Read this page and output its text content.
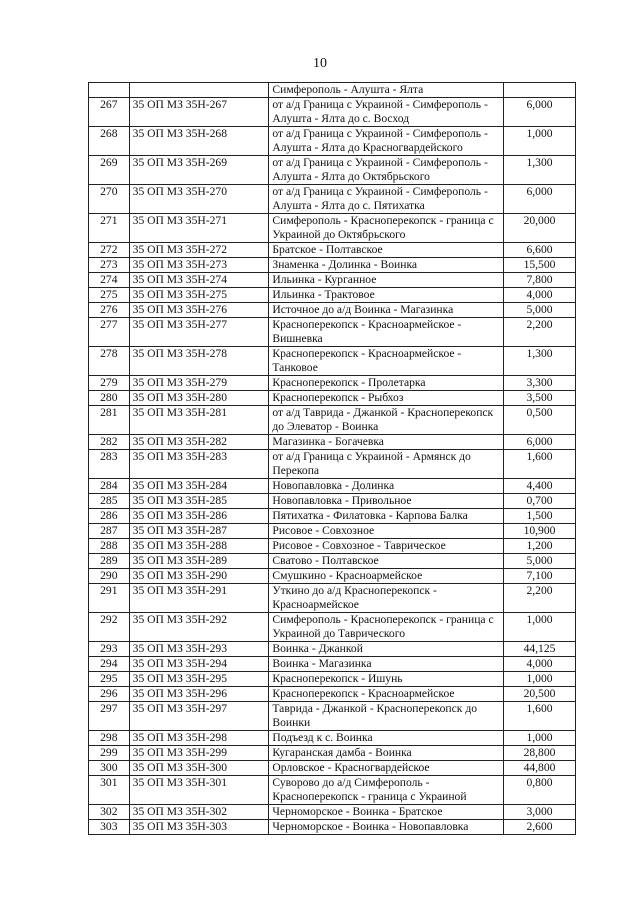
10
		Симферополь - Алушта - Ялта	
267	35 ОП МЗ 35Н-267	от а/д Граница с Украиной - Симферополь - Алушта - Ялта до с. Восход	6,000
268	35 ОП МЗ 35Н-268	от а/д Граница с Украиной - Симферополь - Алушта - Ялта до Красногвардейского	1,000
269	35 ОП МЗ 35Н-269	от а/д Граница с Украиной - Симферополь - Алушта - Ялта до Октябрьского	1,300
270	35 ОП МЗ 35Н-270	от а/д Граница с Украиной - Симферополь - Алушта - Ялта до с. Пятихатка	6,000
271	35 ОП МЗ 35Н-271	Симферополь - Красноперекопск - граница с Украиной до Октябрьского	20,000
272	35 ОП МЗ 35Н-272	Братское - Полтавское	6,600
273	35 ОП МЗ 35Н-273	Знаменка - Долинка - Воинка	15,500
274	35 ОП МЗ 35Н-274	Ильинка - Курганное	7,800
275	35 ОП МЗ 35Н-275	Ильинка - Трактовое	4,000
276	35 ОП МЗ 35Н-276	Источное до а/д Воинка - Магазинка	5,000
277	35 ОП МЗ 35Н-277	Красноперекопск - Красноармейское - Вишневка	2,200
278	35 ОП МЗ 35Н-278	Красноперекопск - Красноармейское - Танковое	1,300
279	35 ОП МЗ 35Н-279	Красноперекопск - Пролетарка	3,300
280	35 ОП МЗ 35Н-280	Красноперекопск - Рыбхоз	3,500
281	35 ОП МЗ 35Н-281	от а/д Таврида - Джанкой - Красноперекопск до Элеватор - Воинка	0,500
282	35 ОП МЗ 35Н-282	Магазинка - Богачевка	6,000
283	35 ОП МЗ 35Н-283	от а/д Граница с Украиной - Армянск до Перекопа	1,600
284	35 ОП МЗ 35Н-284	Новопавловка - Долинка	4,400
285	35 ОП МЗ 35Н-285	Новопавловка - Привольное	0,700
286	35 ОП МЗ 35Н-286	Пятихатка - Филатовка - Карпова Балка	1,500
287	35 ОП МЗ 35Н-287	Рисовое - Совхозное	10,900
288	35 ОП МЗ 35Н-288	Рисовое - Совхозное - Таврическое	1,200
289	35 ОП МЗ 35Н-289	Сватово - Полтавское	5,000
290	35 ОП МЗ 35Н-290	Смушкино - Красноармейское	7,100
291	35 ОП МЗ 35Н-291	Уткино до а/д Красноперекопск - Красноармейское	2,200
292	35 ОП МЗ 35Н-292	Симферополь - Красноперекопск - граница с Украиной до Таврического	1,000
293	35 ОП МЗ 35Н-293	Воинка - Джанкой	44,125
294	35 ОП МЗ 35Н-294	Воинка - Магазинка	4,000
295	35 ОП МЗ 35Н-295	Красноперекопск - Ишунь	1,000
296	35 ОП МЗ 35Н-296	Красноперекопск - Красноармейское	20,500
297	35 ОП МЗ 35Н-297	Таврида - Джанкой - Красноперекопск до Воинки	1,600
298	35 ОП МЗ 35Н-298	Подъезд к с. Воинка	1,000
299	35 ОП МЗ 35Н-299	Кугаранская дамба - Воинка	28,800
300	35 ОП МЗ 35Н-300	Орловское - Красногвардейское	44,800
301	35 ОП МЗ 35Н-301	Суворово до а/д Симферополь - Красноперекопск - граница с Украиной	0,800
302	35 ОП МЗ 35Н-302	Черноморское - Воинка - Братское	3,000
303	35 ОП МЗ 35Н-303	Черноморское - Воинка - Новопавловка	2,600
